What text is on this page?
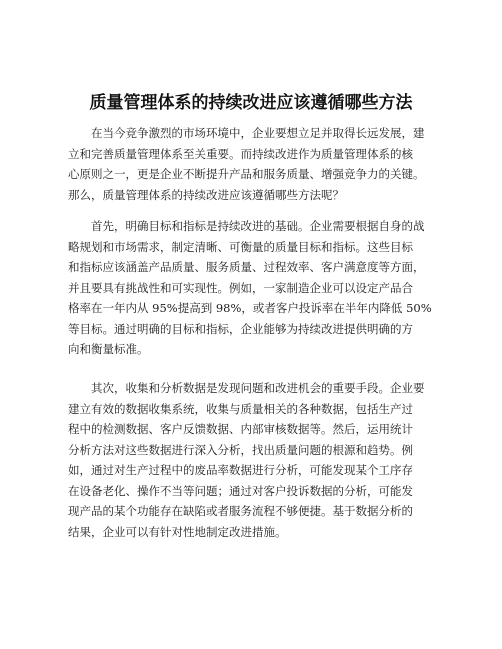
质量管理体系的持续改进应该遵循哪些方法
在当今竞争激烈的市场环境中，企业要想立足并取得长远发展，建
立和完善质量管理体系至关重要。而持续改进作为质量管理体系的核
心原则之一，更是企业不断提升产品和服务质量、增强竞争力的关键。
那么，质量管理体系的持续改进应该遵循哪些方法呢？
首先，明确目标和指标是持续改进的基础。企业需要根据自身的战
略规划和市场需求，制定清晰、可衡量的质量目标和指标。这些目标
和指标应该涵盖产品质量、服务质量、过程效率、客户满意度等方面，
并且要具有挑战性和可实现性。例如，一家制造企业可以设定产品合
格率在一年内从 95%提高到 98%，或者客户投诉率在半年内降低 50%
等目标。通过明确的目标和指标，企业能够为持续改进提供明确的方
向和衡量标准。
其次，收集和分析数据是发现问题和改进机会的重要手段。企业要
建立有效的数据收集系统，收集与质量相关的各种数据，包括生产过
程中的检测数据、客户反馈数据、内部审核数据等。然后，运用统计
分析方法对这些数据进行深入分析，找出质量问题的根源和趋势。例
如，通过对生产过程中的废品率数据进行分析，可能发现某个工序存
在设备老化、操作不当等问题；通过对客户投诉数据的分析，可能发
现产品的某个功能存在缺陷或者服务流程不够便捷。基于数据分析的
结果，企业可以有针对性地制定改进措施。
